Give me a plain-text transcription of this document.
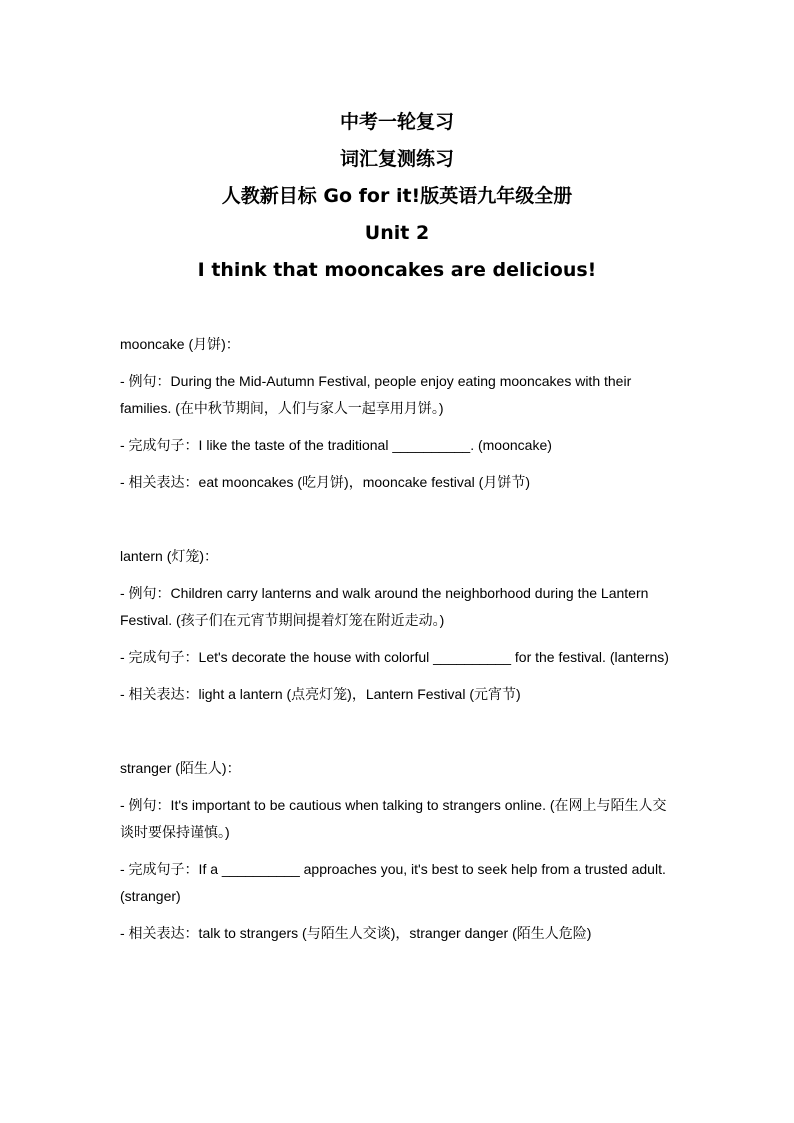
中考一轮复习
词汇复测练习
人教新目标 Go for it!版英语九年级全册
Unit 2
I think that mooncakes are delicious!
mooncake (月饼)：
- 例句：During the Mid-Autumn Festival, people enjoy eating mooncakes with their families. (在中秋节期间，人们与家人一起享用月饼。)
- 完成句子：I like the taste of the traditional __________. (mooncake)
- 相关表达：eat mooncakes (吃月饼)，mooncake festival (月饼节)
lantern (灯笼)：
- 例句：Children carry lanterns and walk around the neighborhood during the Lantern Festival. (孩子们在元宵节期间提着灯笼在附近走动。)
- 完成句子：Let's decorate the house with colorful __________ for the festival. (lanterns)
- 相关表达：light a lantern (点亮灯笼)，Lantern Festival (元宵节)
stranger (陌生人)：
- 例句：It's important to be cautious when talking to strangers online. (在网上与陌生人交谈时要保持谨慎。)
- 完成句子：If a __________ approaches you, it's best to seek help from a trusted adult. (stranger)
- 相关表达：talk to strangers (与陌生人交谈)，stranger danger (陌生人危险)
